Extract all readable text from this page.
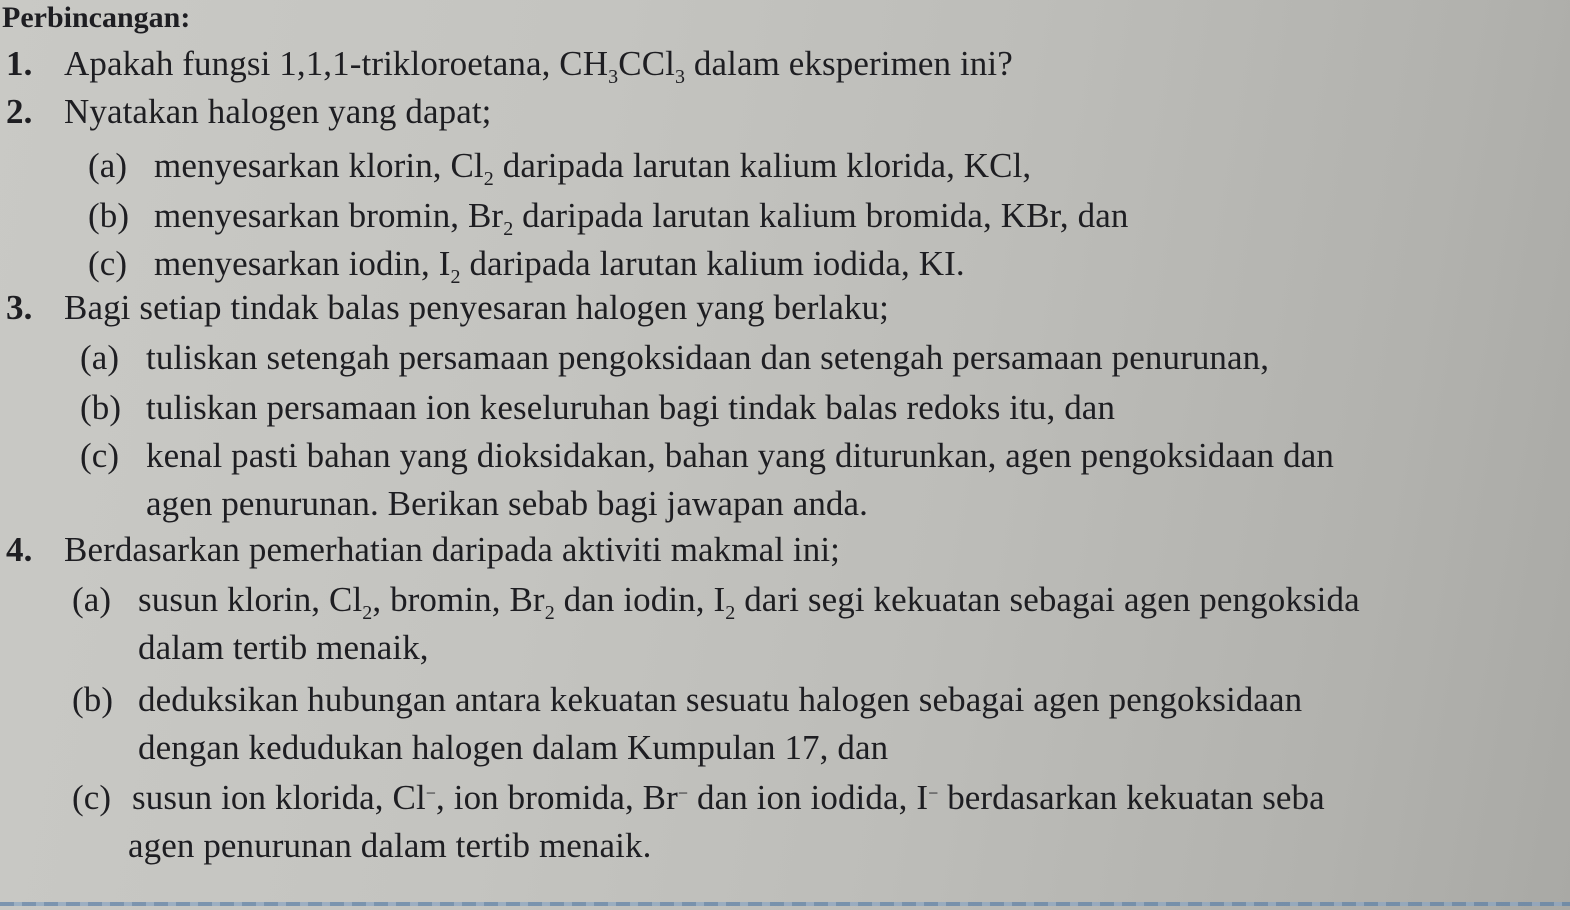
Perbincangan:
1. Apakah fungsi 1,1,1-trikloroetana, $CH_3CCl_3$ dalam eksperimen ini?
2. Nyatakan halogen yang dapat;
(a) menyesarkan klorin, $Cl_2$ daripada larutan kalium klorida, KCl,
(b) menyesarkan bromin, $Br_2$ daripada larutan kalium bromida, KBr, dan
(c) menyesarkan iodin, $I_2$ daripada larutan kalium iodida, KI.
3. Bagi setiap tindak balas penyesaran halogen yang berlaku;
(a) tuliskan setengah persamaan pengoksidaan dan setengah persamaan penurunan,
(b) tuliskan persamaan ion keseluruhan bagi tindak balas redoks itu, dan
(c) kenal pasti bahan yang dioksidakan, bahan yang diturunkan, agen pengoksidaan dan
agen penurunan. Berikan sebab bagi jawapan anda.
4. Berdasarkan pemerhatian daripada aktiviti makmal ini;
(a) susun klorin, $Cl_2$, bromin, $Br_2$ dan iodin, $I_2$ dari segi kekuatan sebagai agen pengoksida
dalam tertib menaik,
(b) deduksikan hubungan antara kekuatan sesuatu halogen sebagai agen pengoksidaan
dengan kedudukan halogen dalam Kumpulan 17, dan
(c) susun ion klorida, Cl−, ion bromida, Br− dan ion iodida, I− berdasarkan kekuatan seba
agen penurunan dalam tertib menaik.
